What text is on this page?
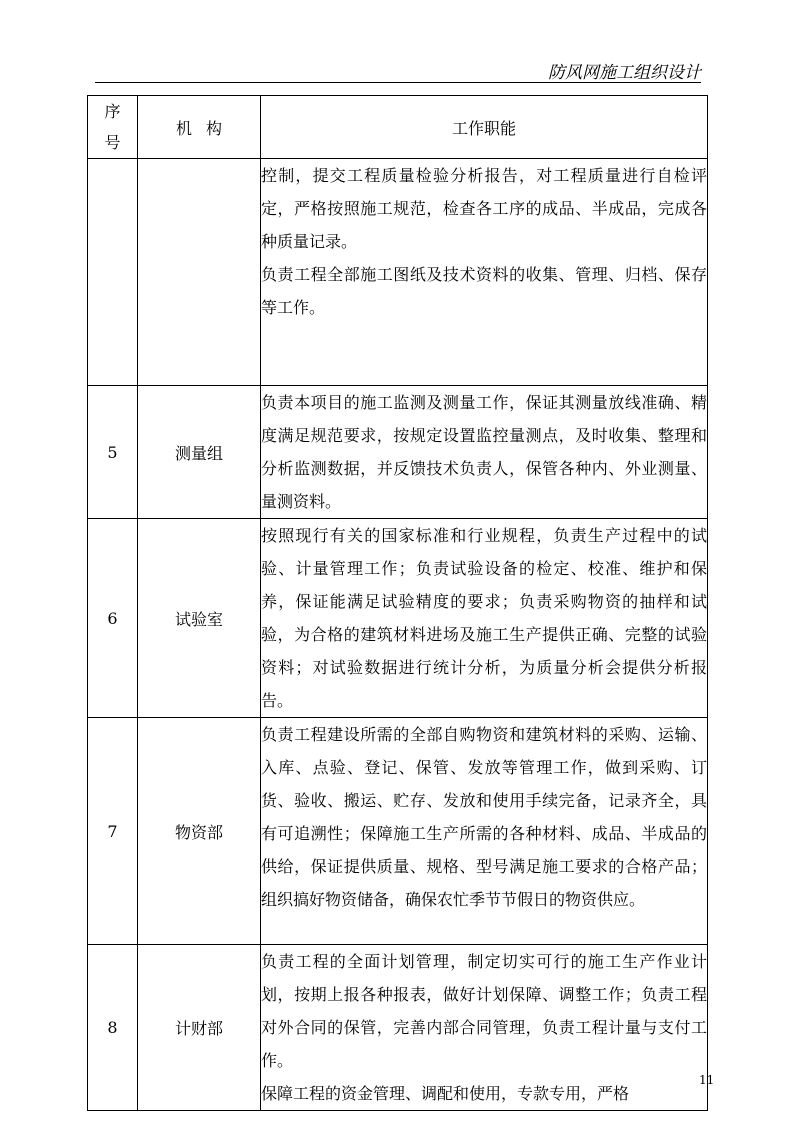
防风网施工组织设计
序
号	机构	工作职能

		控制，提交工程质量检验分析报告，对工程质量进行自检评定，严格按照施工规范，检查各工序的成品、半成品，完成各种质量记录。

负责工程全部施工图纸及技术资料的收集、管理、归档、保存等工作。

5	测量组	负责本项目的施工监测及测量工作，保证其测量放线准确、精度满足规范要求，按规定设置监控量测点，及时收集、整理和分析监测数据，并反馈技术负责人，保管各种内、外业测量、量测资料。

6	试验室	按照现行有关的国家标准和行业规程，负责生产过程中的试验、计量管理工作；负责试验设备的检定、校准、维护和保养，保证能满足试验精度的要求；负责采购物资的抽样和试验，为合格的建筑材料进场及施工生产提供正确、完整的试验资料；对试验数据进行统计分析，为质量分析会提供分析报告。

7	物资部	负责工程建设所需的全部自购物资和建筑材料的采购、运输、入库、点验、登记、保管、发放等管理工作，做到采购、订货、验收、搬运、贮存、发放和使用手续完备，记录齐全，具有可追溯性；保障施工生产所需的各种材料、成品、半成品的供给，保证提供质量、规格、型号满足施工要求的合格产品；组织搞好物资储备，确保农忙季节节假日的物资供应。

8	计财部	负责工程的全面计划管理，制定切实可行的施工生产作业计划，按期上报各种报表，做好计划保障、调整工作；负责工程对外合同的保管，完善内部合同管理，负责工程计量与支付工作。

保障工程的资金管理、调配和使用，专款专用，严格

11
